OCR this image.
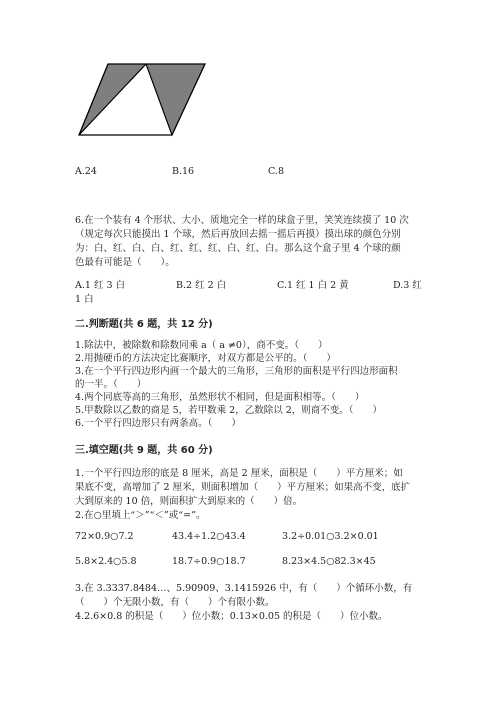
A.24	B.16	C.8
6.在一个装有 4 个形状、大小、质地完全一样的球盒子里，笑笑连续摸了 10 次
（规定每次只能摸出 1 个球，然后再放回去摇一摇后再摸）摸出球的颜色分别
为：白、红、白、白、红、红、红、白、红、白。那么这个盒子里 4 个球的颜
色最有可能是（　　）。
A.1 红 3 白	B.2 红 2 白	C.1 红 1 白 2 黄	D.3 红
1 白
二.判断题(共 6 题，共 12 分)
1.除法中，被除数和除数同乘 a（ a ≠0），商不变。（　　）
2.用抛硬币的方法决定比赛顺序，对双方都是公平的。（　　）
3.在一个平行四边形内画一个最大的三角形，三角形的面积是平行四边形面积
的一半。（　　）
4.两个同底等高的三角形，虽然形状不相同，但是面积相等。（　　）
5.甲数除以乙数的商是 5，若甲数乘 2，乙数除以 2，则商不变。（　　）
6.一个平行四边形只有两条高。（　　）
三.填空题(共 9 题，共 60 分)
1.一个平行四边形的底是 8 厘米，高是 2 厘米，面积是（　　）平方厘米；如
果底不变，高增加了 2 厘米，则面积增加（　　）平方厘米；如果高不变，底扩
大到原来的 10 倍，则面积扩大到原来的（　　）倍。
2.在○里填上“＞”“＜”或“=”。
72×0.9○7.2	43.4÷1.2○43.4	3.2÷0.01○3.2×0.01
5.8×2.4○5.8	18.7÷0.9○18.7	8.23×4.5○82.3×45
3.在 3.3337.8484…、5.90909、3.1415926 中，有（　　）个循环小数，有
（　　）个无限小数，有（　　）个有限小数。
4.2.6×0.8 的积是（　　）位小数；0.13×0.05 的积是（　　）位小数。
